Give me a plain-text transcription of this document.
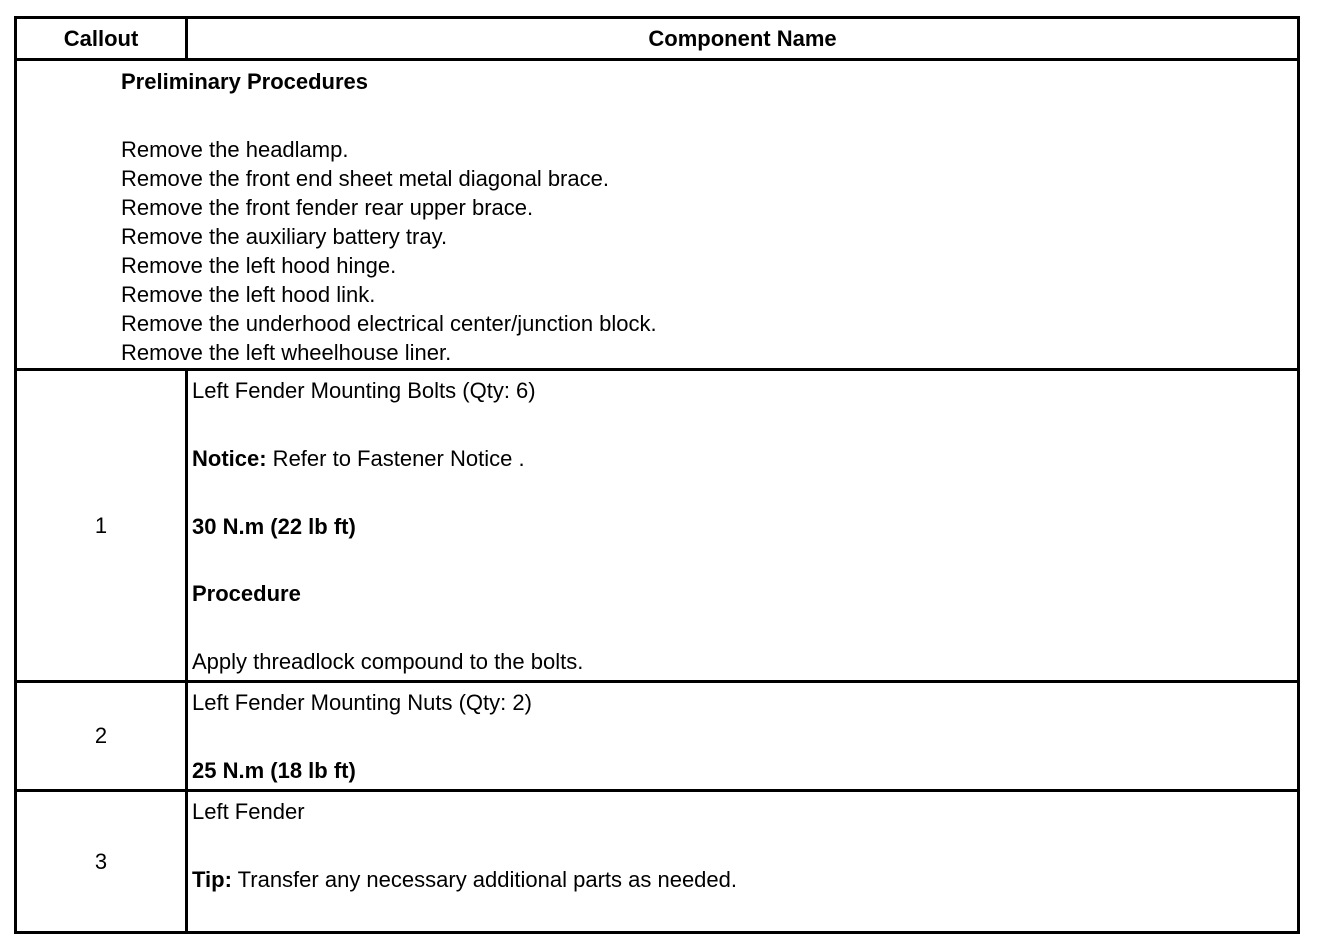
Callout	Component Name
Preliminary Procedures
Remove the headlamp.
Remove the front end sheet metal diagonal brace.
Remove the front fender rear upper brace.
Remove the auxiliary battery tray.
Remove the left hood hinge.
Remove the left hood link.
Remove the underhood electrical center/junction block.
Remove the left wheelhouse liner.
1
Left Fender Mounting Bolts (Qty: 6)
Notice: Refer to Fastener Notice .
30 N.m (22 lb ft)
Procedure
Apply threadlock compound to the bolts.
2
Left Fender Mounting Nuts (Qty: 2)
25 N.m (18 lb ft)
3
Left Fender
Tip: Transfer any necessary additional parts as needed.
